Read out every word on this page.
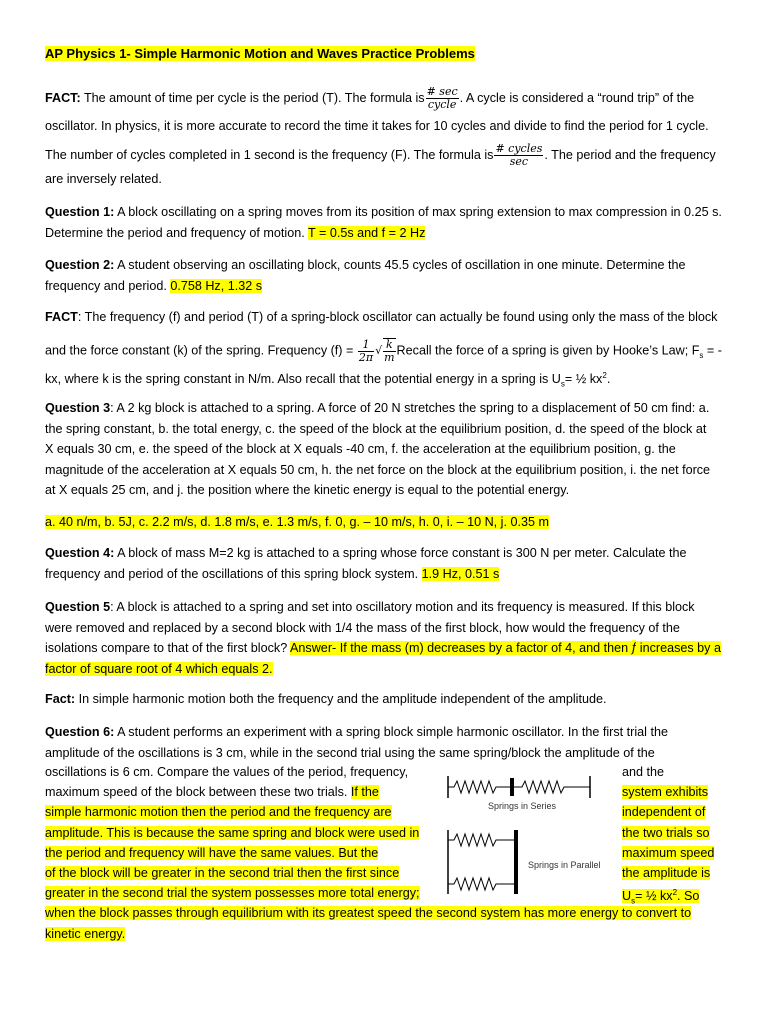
AP Physics 1- Simple Harmonic Motion and Waves Practice Problems

FACT: The amount of time per cycle is the period (T). The formula is $\frac{\# \sec}{\text{cycle}}$ . A cycle is considered a “round trip” of the

oscillator. In physics, it is more accurate to record the time it takes for 10 cycles and divide to find the period for 1 cycle.

The number of cycles completed in 1 second is the frequency (F). The formula is $\frac{\text{\# cycles}}{\sec}$ . The period and the frequency

are inversely related.

Question 1: A block oscillating on a spring moves from its position of max spring extension to max compression in 0.25 s.
Determine the period and frequency of motion. T = 0.5s and f = 2 Hz

Question 2: A student observing an oscillating block, counts 45.5 cycles of oscillation in one minute. Determine the
frequency and period. 0.758 Hz, 1.32 s

FACT: The frequency (f) and period (T) of a spring-block oscillator can actually be found using only the mass of the block

and the force constant (k) of the spring. Frequency $(f) = \frac{1}{2\pi}$ √ $\frac{k}{m}$ Recall the force of a spring is given by Hooke’s Law; $F_s$ = -

kx, where k is the spring constant in N/m. Also recall that the potential energy in a spring is $U_s=$ ½ $kx^2$.

Question 3: A 2 kg block is attached to a spring. A force of 20 N stretches the spring to a displacement of 50 cm find: a.
the spring constant, b. the total energy, c. the speed of the block at the equilibrium position, d. the speed of the block at
X equals 30 cm, e. the speed of the block at X equals -40 cm, f. the acceleration at the equilibrium position, g. the
magnitude of the acceleration at X equals 50 cm, h. the net force on the block at the equilibrium position, i. the net force
at X equals 25 cm, and j. the position where the kinetic energy is equal to the potential energy.

a. 40 n/m, b. 5J, c. 2.2 m/s, d. 1.8 m/s, e. 1.3 m/s, f. 0, g. – 10 m/s, h. 0, i. – 10 N, j. 0.35 m

Question 4: A block of mass M=2 kg is attached to a spring whose force constant is 300 N per meter. Calculate the
frequency and period of the oscillations of this spring block system. 1.9 Hz, 0.51 s

Question 5: A block is attached to a spring and set into oscillatory motion and its frequency is measured. If this block
were removed and replaced by a second block with 1/4 the mass of the first block, how would the frequency of the
isolations compare to that of the first block? Answer- If the mass (m) decreases by a factor of 4, and then f increases by a
factor of square root of 4 which equals 2.

Fact: In simple harmonic motion both the frequency and the amplitude independent of the amplitude.

Question 6: A student performs an experiment with a spring block simple harmonic oscillator. In the first trial the
amplitude of the oscillations is 3 cm, while in the second trial using the same spring/block the amplitude of the
oscillations is 6 cm. Compare the values of the period, frequency,
maximum speed of the block between these two trials. If the
simple harmonic motion then the period and the frequency are
amplitude. This is because the same spring and block were used in
the period and frequency will have the same values. But the
of the block will be greater in the second trial then the first since
greater in the second trial the system possesses more total energy;
and the
system exhibits
independent of
the two trials so
maximum speed
the amplitude is
$U_s=$ ½ $kx^2$. So
when the block passes through equilibrium with its greatest speed the second system has more energy to convert to
kinetic energy.
Springs in Series
Springs in Parallel
